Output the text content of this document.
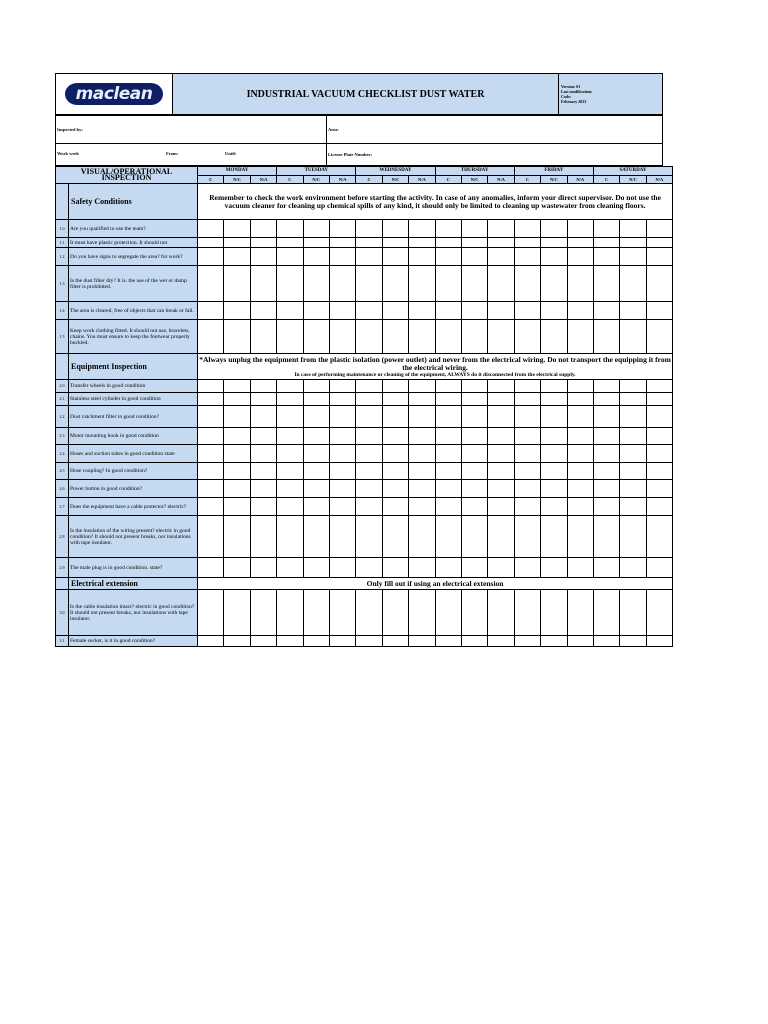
maclean	INDUSTRIAL VACUUM CHECKLIST DUST WATER	
Version: 01
Last modification:
Code:
February 2023
Inspected by:	Area:
Work week From: Until:	License Plate Number:
VISUAL/OPERATIONAL INSPECTION		MONDAY			TUESDAY			WEDNESDAY			THURSDAY			FRIDAY			SATURDAY		
		C	N/C	N/A	C	N/C	N/A	C	N/C	N/A	C	N/C	N/A	C	N/C	N/A	C	N/C	N/A
	Safety Conditions	Remember to check the work environment before starting the activity. In case of any anomalies, inform your direct supervisor. Do not use the vacuum cleaner for cleaning up chemical spills of any kind, it should only be limited to cleaning up wastewater from cleaning floors.																	

1.0	Are you qualified to use the team?																		
1.1	It must have plastic protection. It should not																		
1.2	Do you have signs to segregate the area? for work?																		
1.3	Is the dust filter dry? It is. the use of the wet or damp filter is prohibited.																		
1.4	The area is cleared, free of objects that can break or fall.																		
1.5	Keep work clothing fitted. It should not use, bracelets, chains. You must ensure to keep the footwear properly buckled.																		
	Equipment Inspection	*Always unplug the equipment from the plastic isolation (power outlet) and never from the electrical wiring. Do not transport the equipping it from the electrical wiring.
In case of performing maintenance or cleaning of the equipment, ALWAYS do it disconnected from the electrical supply.																	

2.0	Transfer wheels in good condition																		
2.1	Stainless steel cylinder in good condition																		
2.2	Dust catchment filter in good condition?																		
2.3	Motor mounting hook in good condition																		
2.4	Hoses and suction tubes in good condition state																		
2.5	Hose coupling? In good condition?																		
2.6	Power button in good condition?																		
2.7	Does the equipment have a cable protector? electric?																		
2.8	Is the insulation of the wiring present? electric in good condition? It should not present breaks, nor insulations with tape insulator.																		
2.9	The male plug is in good condition. state?																		
	Electrical extension	Only fill out if using an electrical extension																	

3.0	Is the cable insulation intact? electric in good condition? It should not present breaks, nor insulations with tape insulator.																		
3.1	Female socket, is it in good condition?																		
